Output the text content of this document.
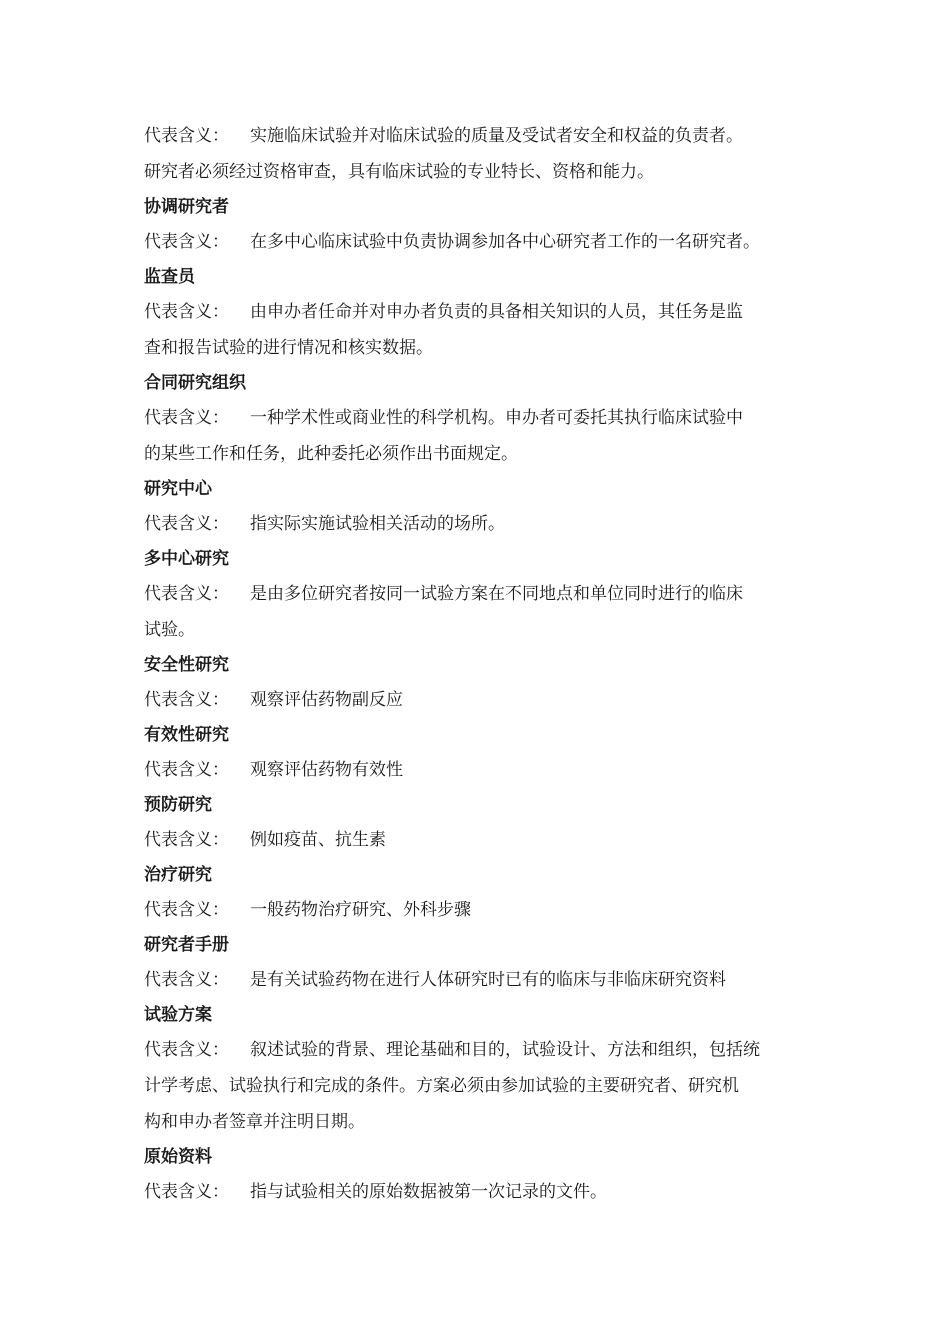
代表含义： 实施临床试验并对临床试验的质量及受试者安全和权益的负责者。
研究者必须经过资格审查，具有临床试验的专业特长、资格和能力。
协调研究者
代表含义： 在多中心临床试验中负责协调参加各中心研究者工作的一名研究者。
监查员
代表含义： 由申办者任命并对申办者负责的具备相关知识的人员，其任务是监
查和报告试验的进行情况和核实数据。
合同研究组织
代表含义： 一种学术性或商业性的科学机构。申办者可委托其执行临床试验中
的某些工作和任务，此种委托必须作出书面规定。
研究中心
代表含义： 指实际实施试验相关活动的场所。
多中心研究
代表含义： 是由多位研究者按同一试验方案在不同地点和单位同时进行的临床
试验。
安全性研究
代表含义： 观察评估药物副反应
有效性研究
代表含义： 观察评估药物有效性
预防研究
代表含义： 例如疫苗、抗生素
治疗研究
代表含义： 一般药物治疗研究、外科步骤
研究者手册
代表含义： 是有关试验药物在进行人体研究时已有的临床与非临床研究资料
试验方案
代表含义： 叙述试验的背景、理论基础和目的，试验设计、方法和组织，包括统
计学考虑、试验执行和完成的条件。方案必须由参加试验的主要研究者、研究机
构和申办者签章并注明日期。
原始资料
代表含义： 指与试验相关的原始数据被第一次记录的文件。
